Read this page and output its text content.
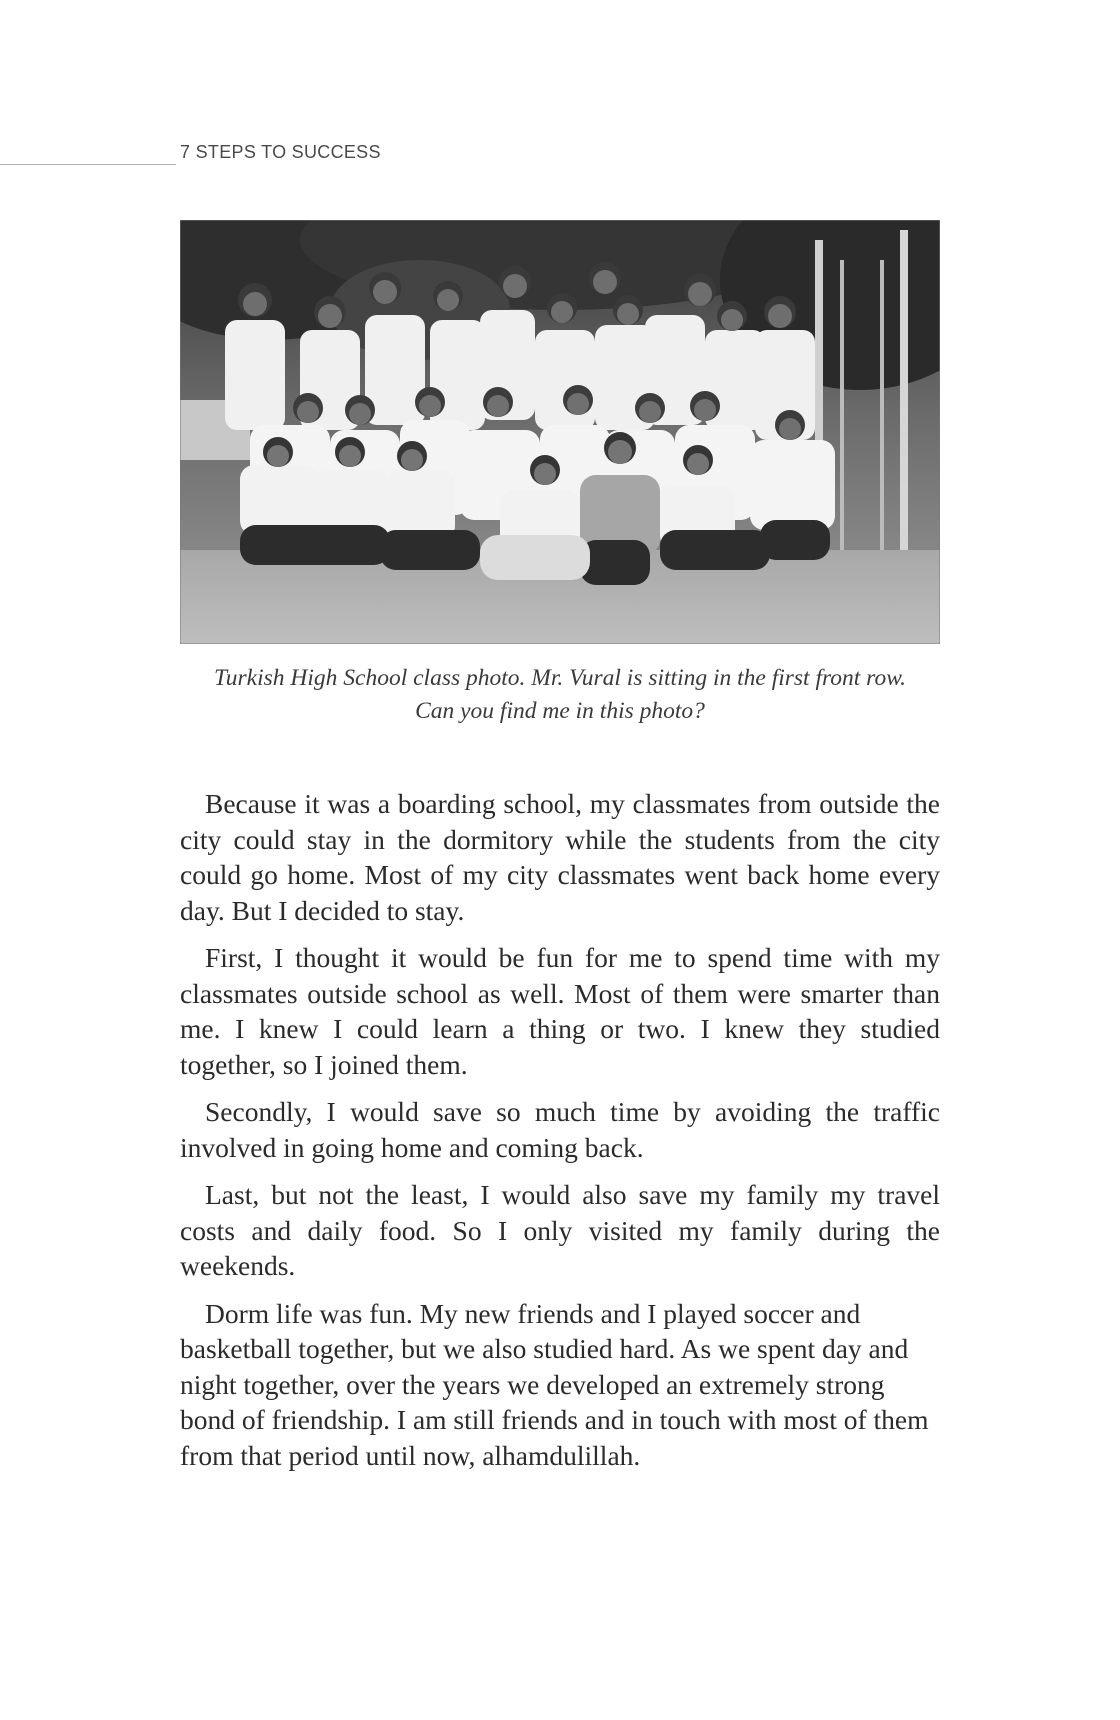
7 STEPS TO SUCCESS

Turkish High School class photo. Mr. Vural is sitting in the first front row.

Can you find me in this photo?

Because it was a boarding school, my classmates from outside the city could stay in the dormitory while the students from the city could go home. Most of my city classmates went back home every day. But I decided to stay.

First, I thought it would be fun for me to spend time with my classmates outside school as well. Most of them were smarter than me. I knew I could learn a thing or two. I knew they studied together, so I joined them.

Secondly, I would save so much time by avoiding the traffic involved in going home and coming back.

Last, but not the least, I would also save my family my travel costs and daily food. So I only visited my family during the weekends.

Dorm life was fun. My new friends and I played soccer and basketball together, but we also studied hard. As we spent day and night together, over the years we developed an extremely strong bond of friendship. I am still friends and in touch with most of them from that period until now, alhamdulillah.
